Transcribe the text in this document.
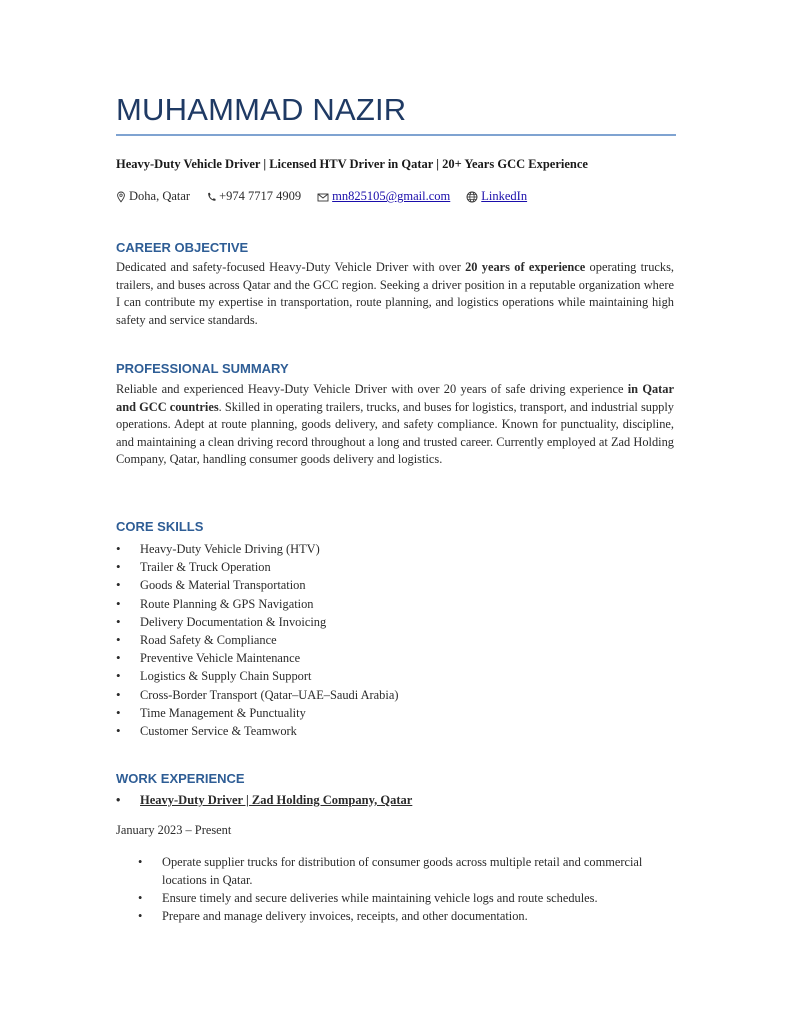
MUHAMMAD NAZIR
Heavy-Duty Vehicle Driver | Licensed HTV Driver in Qatar | 20+ Years GCC Experience
Doha, Qatar +974 7717 4909 mn825105@gmail.com LinkedIn
CAREER OBJECTIVE
Dedicated and safety-focused Heavy-Duty Vehicle Driver with over 20 years of experience operating trucks, trailers, and buses across Qatar and the GCC region. Seeking a driver position in a reputable organization where I can contribute my expertise in transportation, route planning, and logistics operations while maintaining high safety and service standards.
PROFESSIONAL SUMMARY
Reliable and experienced Heavy-Duty Vehicle Driver with over 20 years of safe driving experience in Qatar and GCC countries. Skilled in operating trailers, trucks, and buses for logistics, transport, and industrial supply operations. Adept at route planning, goods delivery, and safety compliance. Known for punctuality, discipline, and maintaining a clean driving record throughout a long and trusted career. Currently employed at Zad Holding Company, Qatar, handling consumer goods delivery and logistics.
CORE SKILLS
• Heavy-Duty Vehicle Driving (HTV)
• Trailer & Truck Operation
• Goods & Material Transportation
• Route Planning & GPS Navigation
• Delivery Documentation & Invoicing
• Road Safety & Compliance
• Preventive Vehicle Maintenance
• Logistics & Supply Chain Support
• Cross-Border Transport (Qatar–UAE–Saudi Arabia)
• Time Management & Punctuality
• Customer Service & Teamwork
WORK EXPERIENCE
• Heavy-Duty Driver | Zad Holding Company, Qatar
January 2023 – Present
• Operate supplier trucks for distribution of consumer goods across multiple retail and commercial locations in Qatar.
• Ensure timely and secure deliveries while maintaining vehicle logs and route schedules.
• Prepare and manage delivery invoices, receipts, and other documentation.
